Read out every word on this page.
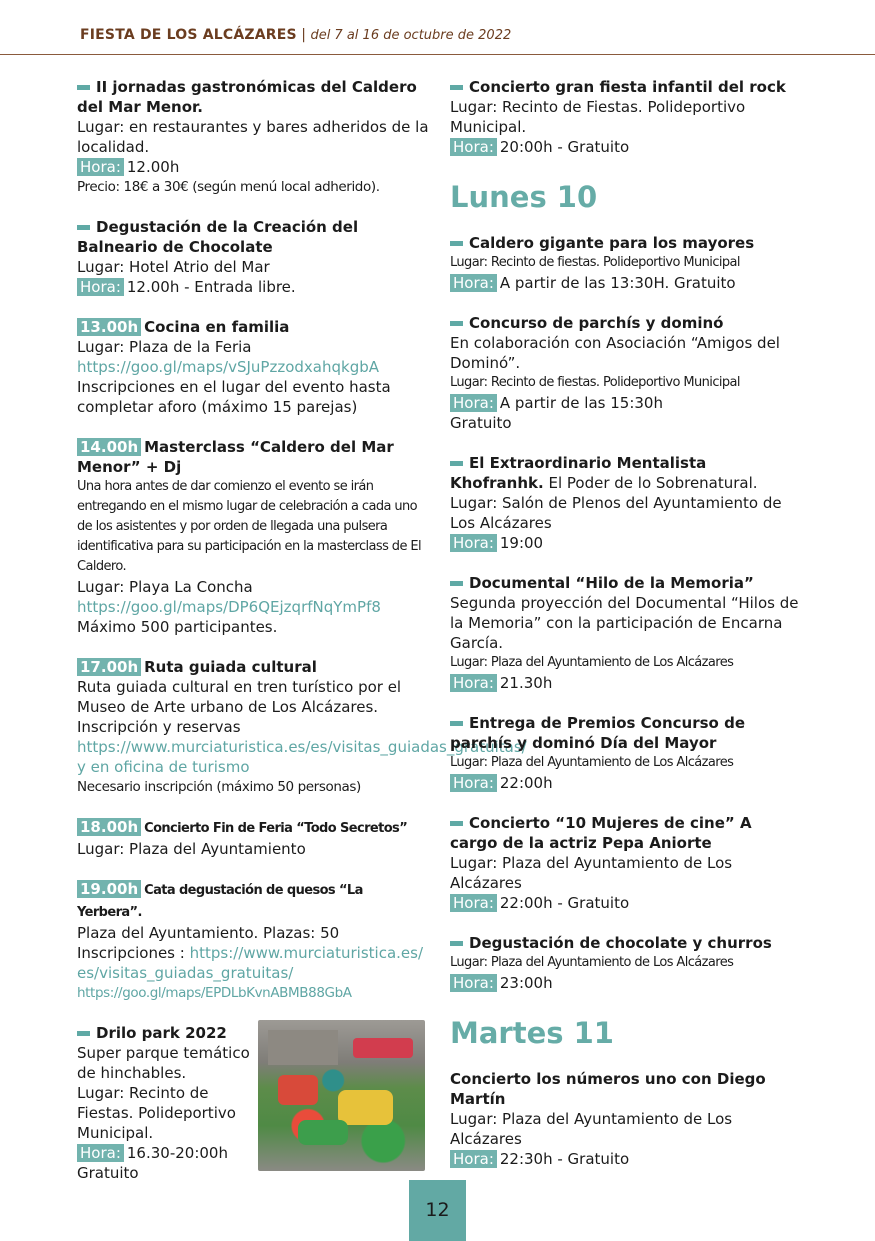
FIESTA DE LOS ALCÁZARES | del 7 al 16 de octubre de 2022
II jornadas gastronómicas del Caldero del Mar Menor.
Lugar: en restaurantes y bares adheridos de la localidad.
Hora: 12.00h
Precio: 18€ a 30€ (según menú local adherido).
Degustación de la Creación del Balneario de Chocolate
Lugar: Hotel Atrio del Mar
Hora: 12.00h - Entrada libre.
13.00h Cocina en familia
Lugar: Plaza de la Feria
https://goo.gl/maps/vSJuPzzodxahqkgbA
Inscripciones en el lugar del evento hasta completar aforo (máximo 15 parejas)
14.00h Masterclass “Caldero del Mar Menor” + Dj
Una hora antes de dar comienzo el evento se irán entregando en el mismo lugar de celebración a cada uno de los asistentes y por orden de llegada una pulsera identificativa para su participación en la masterclass de El Caldero.
Lugar: Playa La Concha
https://goo.gl/maps/DP6QEjzqrfNqYmPf8
Máximo 500 participantes.
17.00h Ruta guiada cultural
Ruta guiada cultural en tren turístico por el Museo de Arte urbano de Los Alcázares.
Inscripción y reservas
https://www.murciaturistica.es/es/visitas_guiadas_gratuitas/ y en oficina de turismo
Necesario inscripción (máximo 50 personas)
18.00h Concierto Fin de Feria “Todo Secretos”
Lugar: Plaza del Ayuntamiento
19.00h Cata degustación de quesos “La Yerbera”.
Plaza del Ayuntamiento. Plazas: 50
Inscripciones : https://www.murciaturistica.es/es/visitas_guiadas_gratuitas/
https://goo.gl/maps/EPDLbKvnABMB88GbA
Drilo park 2022
Super parque temático de hinchables.
Lugar: Recinto de Fiestas. Polideportivo Municipal.
Hora: 16.30-20:00h
Gratuito
Concierto gran fiesta infantil del rock
Lugar: Recinto de Fiestas. Polideportivo Municipal.
Hora: 20:00h - Gratuito
Lunes 10
Caldero gigante para los mayores
Lugar: Recinto de fiestas. Polideportivo Municipal
Hora: A partir de las 13:30H. Gratuito
Concurso de parchís y dominó
En colaboración con Asociación “Amigos del Dominó”.
Lugar: Recinto de fiestas. Polideportivo Municipal
Hora: A partir de las 15:30h
Gratuito
El Extraordinario Mentalista Khofranhk. El Poder de lo Sobrenatural.
Lugar: Salón de Plenos del Ayuntamiento de Los Alcázares
Hora: 19:00
Documental “Hilo de la Memoria”
Segunda proyección del Documental “Hilos de la Memoria” con la participación de Encarna García.
Lugar: Plaza del Ayuntamiento de Los Alcázares
Hora: 21.30h
Entrega de Premios Concurso de parchís y dominó Día del Mayor
Lugar: Plaza del Ayuntamiento de Los Alcázares
Hora: 22:00h
Concierto “10 Mujeres de cine” A cargo de la actriz Pepa Aniorte
Lugar: Plaza del Ayuntamiento de Los Alcázares
Hora: 22:00h - Gratuito
Degustación de chocolate y churros
Lugar: Plaza del Ayuntamiento de Los Alcázares
Hora: 23:00h
Martes 11
Concierto los números uno con Diego Martín
Lugar: Plaza del Ayuntamiento de Los Alcázares
Hora: 22:30h - Gratuito
12
